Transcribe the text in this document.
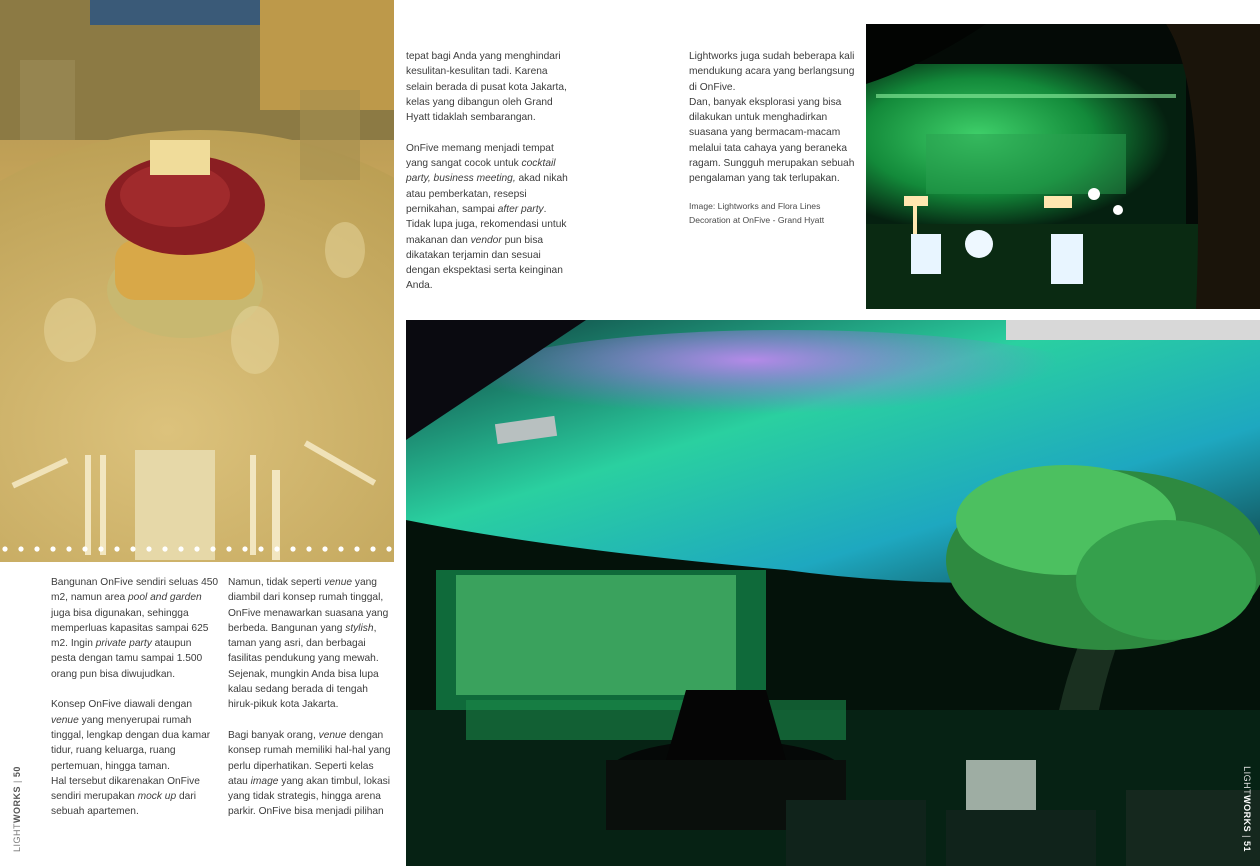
Bangunan OnFive sendiri seluas 450 m2, namun area pool and garden juga bisa digunakan, sehingga memperluas kapasitas sampai 625 m2. Ingin private party ataupun pesta dengan tamu sampai 1.500 orang pun bisa diwujudkan.

Konsep OnFive diawali dengan venue yang menyerupai rumah tinggal, lengkap dengan dua kamar tidur, ruang keluarga, ruang pertemuan, hingga taman.

Hal tersebut dikarenakan OnFive sendiri merupakan mock up dari sebuah apartemen.

Namun, tidak seperti venue yang diambil dari konsep rumah tinggal, OnFive menawarkan suasana yang berbeda. Bangunan yang stylish, taman yang asri, dan berbagai fasilitas pendukung yang mewah. Sejenak, mungkin Anda bisa lupa kalau sedang berada di tengah hiruk-pikuk kota Jakarta.

Bagi banyak orang, venue dengan konsep rumah memiliki hal-hal yang perlu diperhatikan. Seperti kelas atau image yang akan timbul, lokasi yang tidak strategis, hingga arena parkir. OnFive bisa menjadi pilihan

tepat bagi Anda yang menghindari kesulitan-kesulitan tadi. Karena selain berada di pusat kota Jakarta, kelas yang dibangun oleh Grand Hyatt tidaklah sembarangan.

OnFive memang menjadi tempat yang sangat cocok untuk cocktail party, business meeting, akad nikah atau pemberkatan, resepsi pernikahan, sampai after party. Tidak lupa juga, rekomendasi untuk makanan dan vendor pun bisa dikatakan terjamin dan sesuai dengan ekspektasi serta keinginan Anda.

Lightworks juga sudah beberapa kali mendukung acara yang berlangsung di OnFive.

Dan, banyak eksplorasi yang bisa dilakukan untuk menghadirkan suasana yang bermacam-macam melalui tata cahaya yang beraneka ragam. Sungguh merupakan sebuah pengalaman yang tak terlupakan.

Image: Lightworks and Flora Lines Decoration at OnFive - Grand Hyatt
LIGHTWORKS | 50	LIGHTWORKS | 51
